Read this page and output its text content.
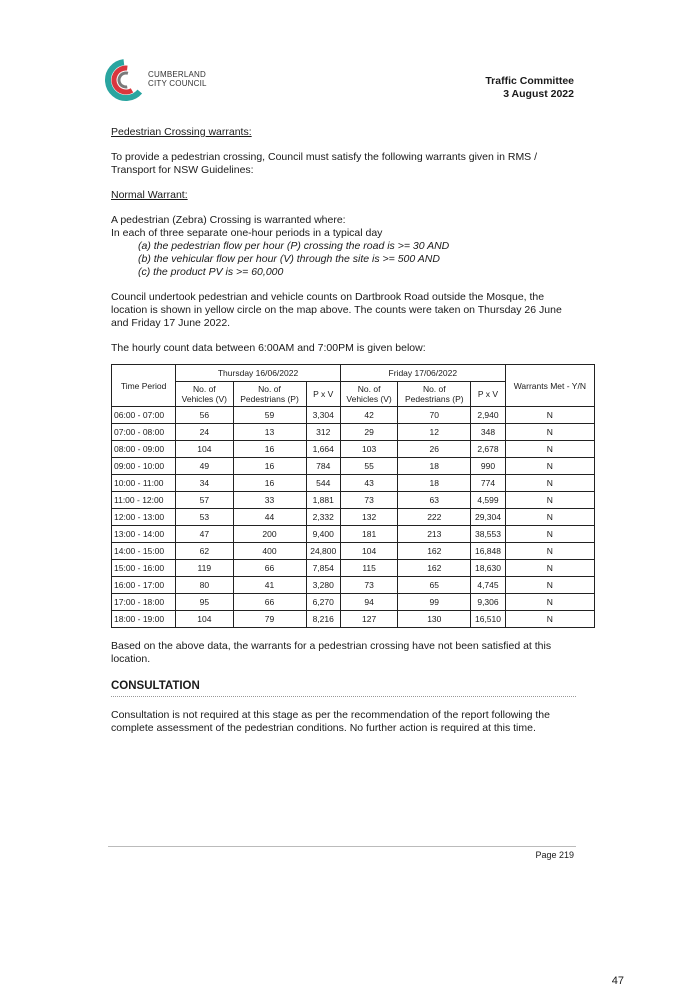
CUMBERLAND
CITY COUNCIL	Traffic Committee
3 August 2022

Pedestrian Crossing warrants:

To provide a pedestrian crossing, Council must satisfy the following warrants given in RMS / Transport for NSW Guidelines:

Normal Warrant:

A pedestrian (Zebra) Crossing is warranted where:

In each of three separate one-hour periods in a typical day

(a) the pedestrian flow per hour (P) crossing the road is >= 30 AND

(b) the vehicular flow per hour (V) through the site is >= 500 AND

(c) the product PV is >= 60,000

Council undertook pedestrian and vehicle counts on Dartbrook Road outside the Mosque, the location is shown in yellow circle on the map above. The counts were taken on Thursday 26 June and Friday 17 June 2022.

The hourly count data between 6:00AM and 7:00PM is given below:

Time Period	Thursday 16/06/2022			Friday 17/06/2022			Warrants Met - Y/N
	No. of
Vehicles (V)	No. of
Pedestrians (P)	P x V	No. of
Vehicles (V)	No. of
Pedestrians (P)	P x V	
06:00 - 07:00	56	59	3,304	42	70	2,940	N
07:00 - 08:00	24	13	312	29	12	348	N
08:00 - 09:00	104	16	1,664	103	26	2,678	N
09:00 - 10:00	49	16	784	55	18	990	N
10:00 - 11:00	34	16	544	43	18	774	N
11:00 - 12:00	57	33	1,881	73	63	4,599	N
12:00 - 13:00	53	44	2,332	132	222	29,304	N
13:00 - 14:00	47	200	9,400	181	213	38,553	N
14:00 - 15:00	62	400	24,800	104	162	16,848	N
15:00 - 16:00	119	66	7,854	115	162	18,630	N
16:00 - 17:00	80	41	3,280	73	65	4,745	N
17:00 - 18:00	95	66	6,270	94	99	9,306	N
18:00 - 19:00	104	79	8,216	127	130	16,510	N

Based on the above data, the warrants for a pedestrian crossing have not been satisfied at this location.

CONSULTATION

Consultation is not required at this stage as per the recommendation of the report following the complete assessment of the pedestrian conditions. No further action is required at this time.

Page 219
47
